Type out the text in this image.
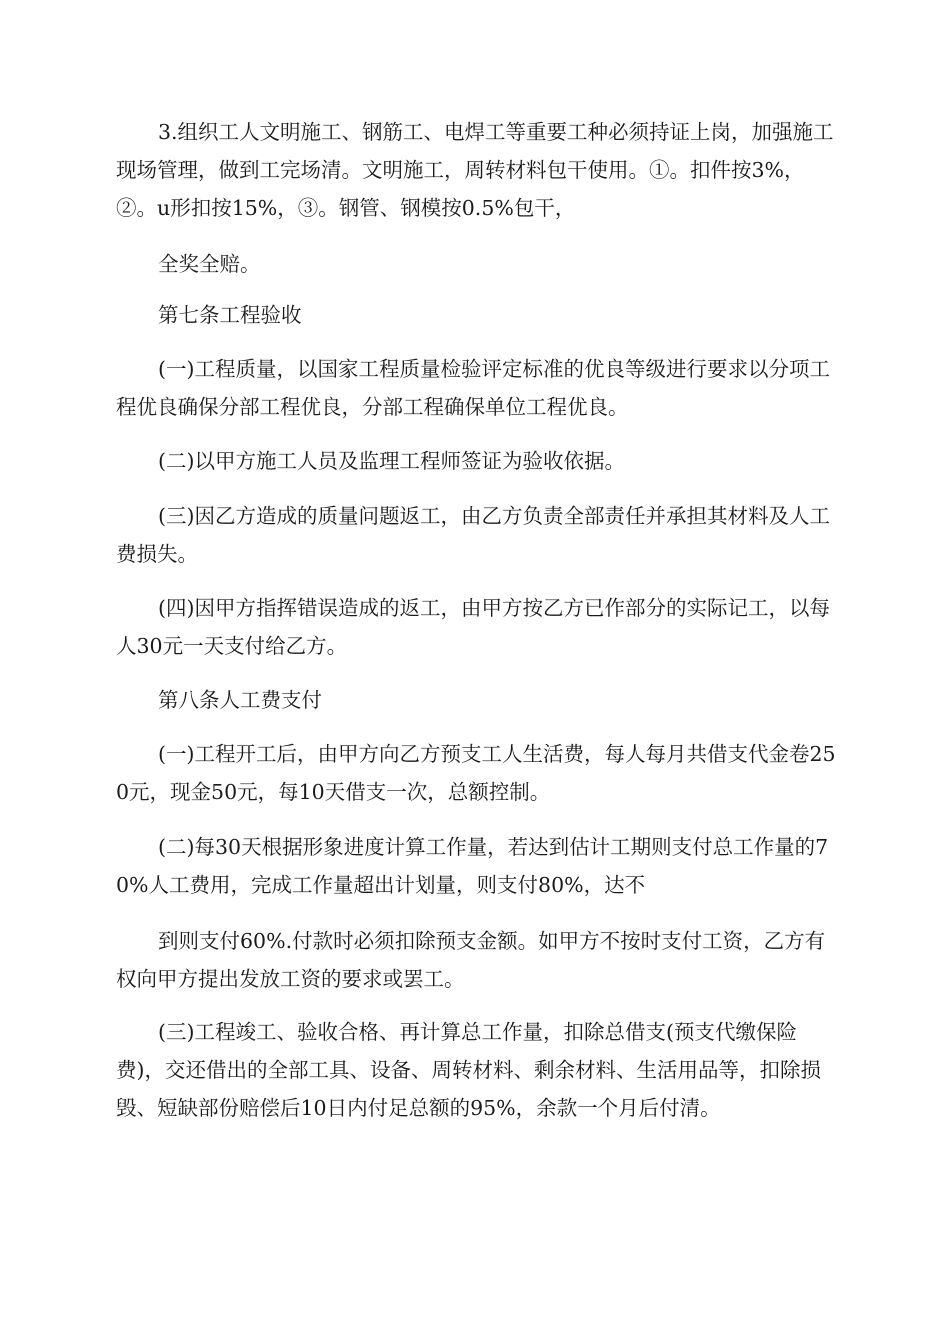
3.组织工人文明施工、钢筋工、电焊工等重要工种必须持证上岗，加强施工现场管理，做到工完场清。文明施工，周转材料包干使用。①。扣件按3%，②。u形扣按15%，③。钢管、钢模按0.5%包干，

全奖全赔。

第七条工程验收

(一)工程质量，以国家工程质量检验评定标准的优良等级进行要求以分项工程优良确保分部工程优良，分部工程确保单位工程优良。

(二)以甲方施工人员及监理工程师签证为验收依据。

(三)因乙方造成的质量问题返工，由乙方负责全部责任并承担其材料及人工费损失。

(四)因甲方指挥错误造成的返工，由甲方按乙方已作部分的实际记工，以每人30元一天支付给乙方。

第八条人工费支付

(一)工程开工后，由甲方向乙方预支工人生活费，每人每月共借支代金卷250元，现金50元，每10天借支一次，总额控制。

(二)每30天根据形象进度计算工作量，若达到估计工期则支付总工作量的70%人工费用，完成工作量超出计划量，则支付80%，达不

到则支付60%.付款时必须扣除预支金额。如甲方不按时支付工资，乙方有权向甲方提出发放工资的要求或罢工。

(三)工程竣工、验收合格、再计算总工作量，扣除总借支(预支代缴保险费)，交还借出的全部工具、设备、周转材料、剩余材料、生活用品等，扣除损毁、短缺部份赔偿后10日内付足总额的95%，余款一个月后付清。
